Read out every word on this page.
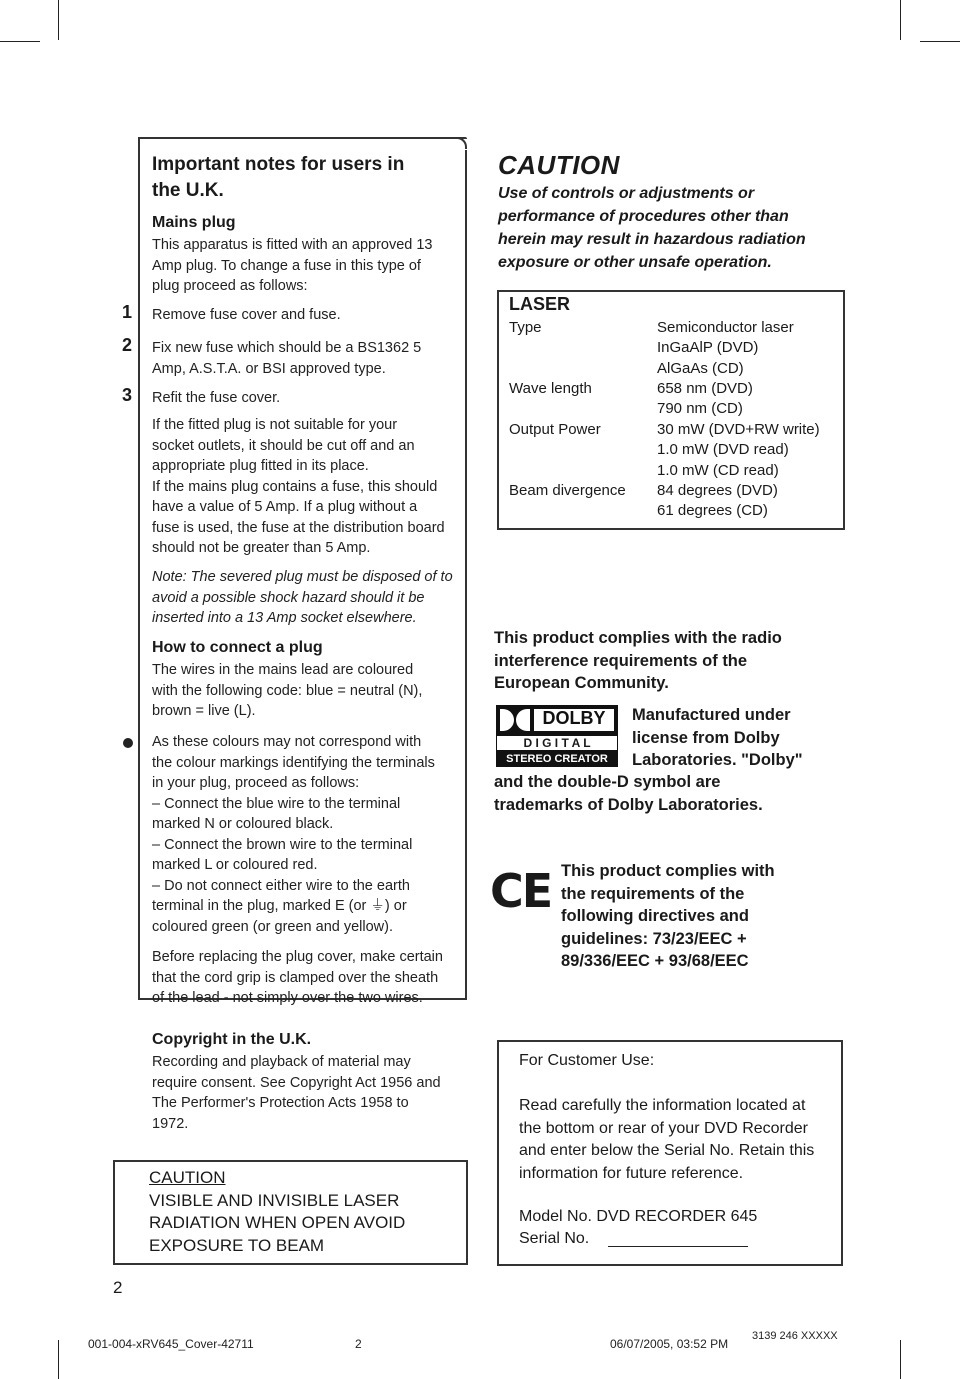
Important notes for users in
the U.K.
Mains plug
This apparatus is fitted with an approved 13
Amp plug. To change a fuse in this type of
plug proceed as follows:
1 Remove fuse cover and fuse.
2 Fix new fuse which should be a BS1362 5
Amp, A.S.T.A. or BSI approved type.
3 Refit the fuse cover.
If the fitted plug is not suitable for your
socket outlets, it should be cut off and an
appropriate plug fitted in its place.
If the mains plug contains a fuse, this should
have a value of 5 Amp. If a plug without a
fuse is used, the fuse at the distribution board
should not be greater than 5 Amp.
Note: The severed plug must be disposed of to
avoid a possible shock hazard should it be
inserted into a 13 Amp socket elsewhere.
How to connect a plug
The wires in the mains lead are coloured
with the following code: blue = neutral (N),
brown = live (L).
As these colours may not correspond with
the colour markings identifying the terminals
in your plug, proceed as follows:
– Connect the blue wire to the terminal
marked N or coloured black.
– Connect the brown wire to the terminal
marked L or coloured red.
– Do not connect either wire to the earth
terminal in the plug, marked E (or ⏚) or
coloured green (or green and yellow).
Before replacing the plug cover, make certain
that the cord grip is clamped over the sheath
of the lead - not simply over the two wires.
Copyright in the U.K.
Recording and playback of material may
require consent. See Copyright Act 1956 and
The Performer's Protection Acts 1958 to
1972.
CAUTION
VISIBLE AND INVISIBLE LASER
RADIATION WHEN OPEN AVOID
EXPOSURE TO BEAM
2
CAUTION
Use of controls or adjustments or
performance of procedures other than
herein may result in hazardous radiation
exposure or other unsafe operation.
LASER
Type	Semiconductor laser
InGaAlP (DVD)
AlGaAs (CD)
Wave length	658 nm (DVD)
790 nm (CD)
Output Power	30 mW (DVD+RW write)
1.0 mW (DVD read)
1.0 mW (CD read)
Beam divergence 84 degrees (DVD)
61 degrees (CD)
This product complies with the radio
interference requirements of the
European Community.
DOLBY
D I G I T A L
STEREO CREATOR
Manufactured under
license from Dolby
Laboratories. "Dolby"
and the double-D symbol are
trademarks of Dolby Laboratories.
CE This product complies with
the requirements of the
following directives and
guidelines: 73/23/EEC +
89/336/EEC + 93/68/EEC
For Customer Use:
Read carefully the information located at
the bottom or rear of your DVD Recorder
and enter below the Serial No. Retain this
information for future reference.
Model No. DVD RECORDER 645
Serial No.
001-004-xRV645_Cover-42711	2	06/07/2005, 03:52 PM
3139 246 XXXXX
